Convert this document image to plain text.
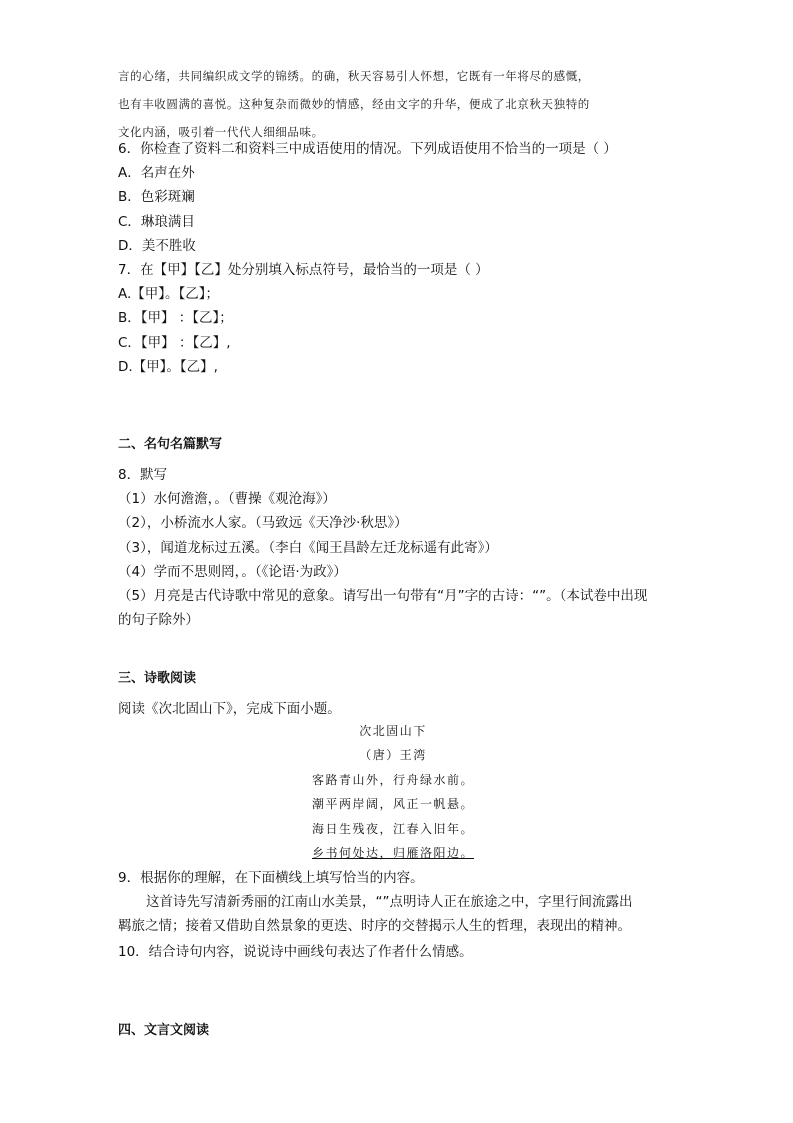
言的心绪，共同编织成文学的锦绣。的确，秋天容易引人怀想，它既有一年将尽的感慨，
也有丰收圆满的喜悦。这种复杂而微妙的情感，经由文字的升华，便成了北京秋天独特的
文化内涵，吸引着一代代人细细品味。
6．你检查了资料二和资料三中成语使用的情况。下列成语使用不恰当的一项是（ ）
A．名声在外
B．色彩斑斓
C．琳琅满目
D．美不胜收
7．在【甲】【乙】处分别填入标点符号，最恰当的一项是（ ）
A.【甲】。【乙】；
B．【甲】 ：【乙】；
C．【甲】 ：【乙】,
D.【甲】。【乙】,
二、名句名篇默写
8．默写
（1）水何澹澹，。（曹操《观沧海》）
（2），小桥流水人家。（马致远《天净沙·秋思》）
（3），闻道龙标过五溪。（李白《闻王昌龄左迁龙标遥有此寄》）
（4）学而不思则罔，。（《论语·为政》）
（5）月亮是古代诗歌中常见的意象。请写出一句带有“月”字的古诗：“”。（本试卷中出现
的句子除外）
三、诗歌阅读
阅读《次北固山下》，完成下面小题。
次北固山下
（唐）王湾
客路青山外，行舟绿水前。
潮平两岸阔，风正一帆悬。
海日生残夜，江春入旧年。
乡书何处达，归雁洛阳边。
9．根据你的理解，在下面横线上填写恰当的内容。
这首诗先写清新秀丽的江南山水美景，“”点明诗人正在旅途之中，字里行间流露出
羁旅之情；接着又借助自然景象的更迭、时序的交替揭示人生的哲理，表现出的精神。
10．结合诗句内容，说说诗中画线句表达了作者什么情感。
四、文言文阅读
